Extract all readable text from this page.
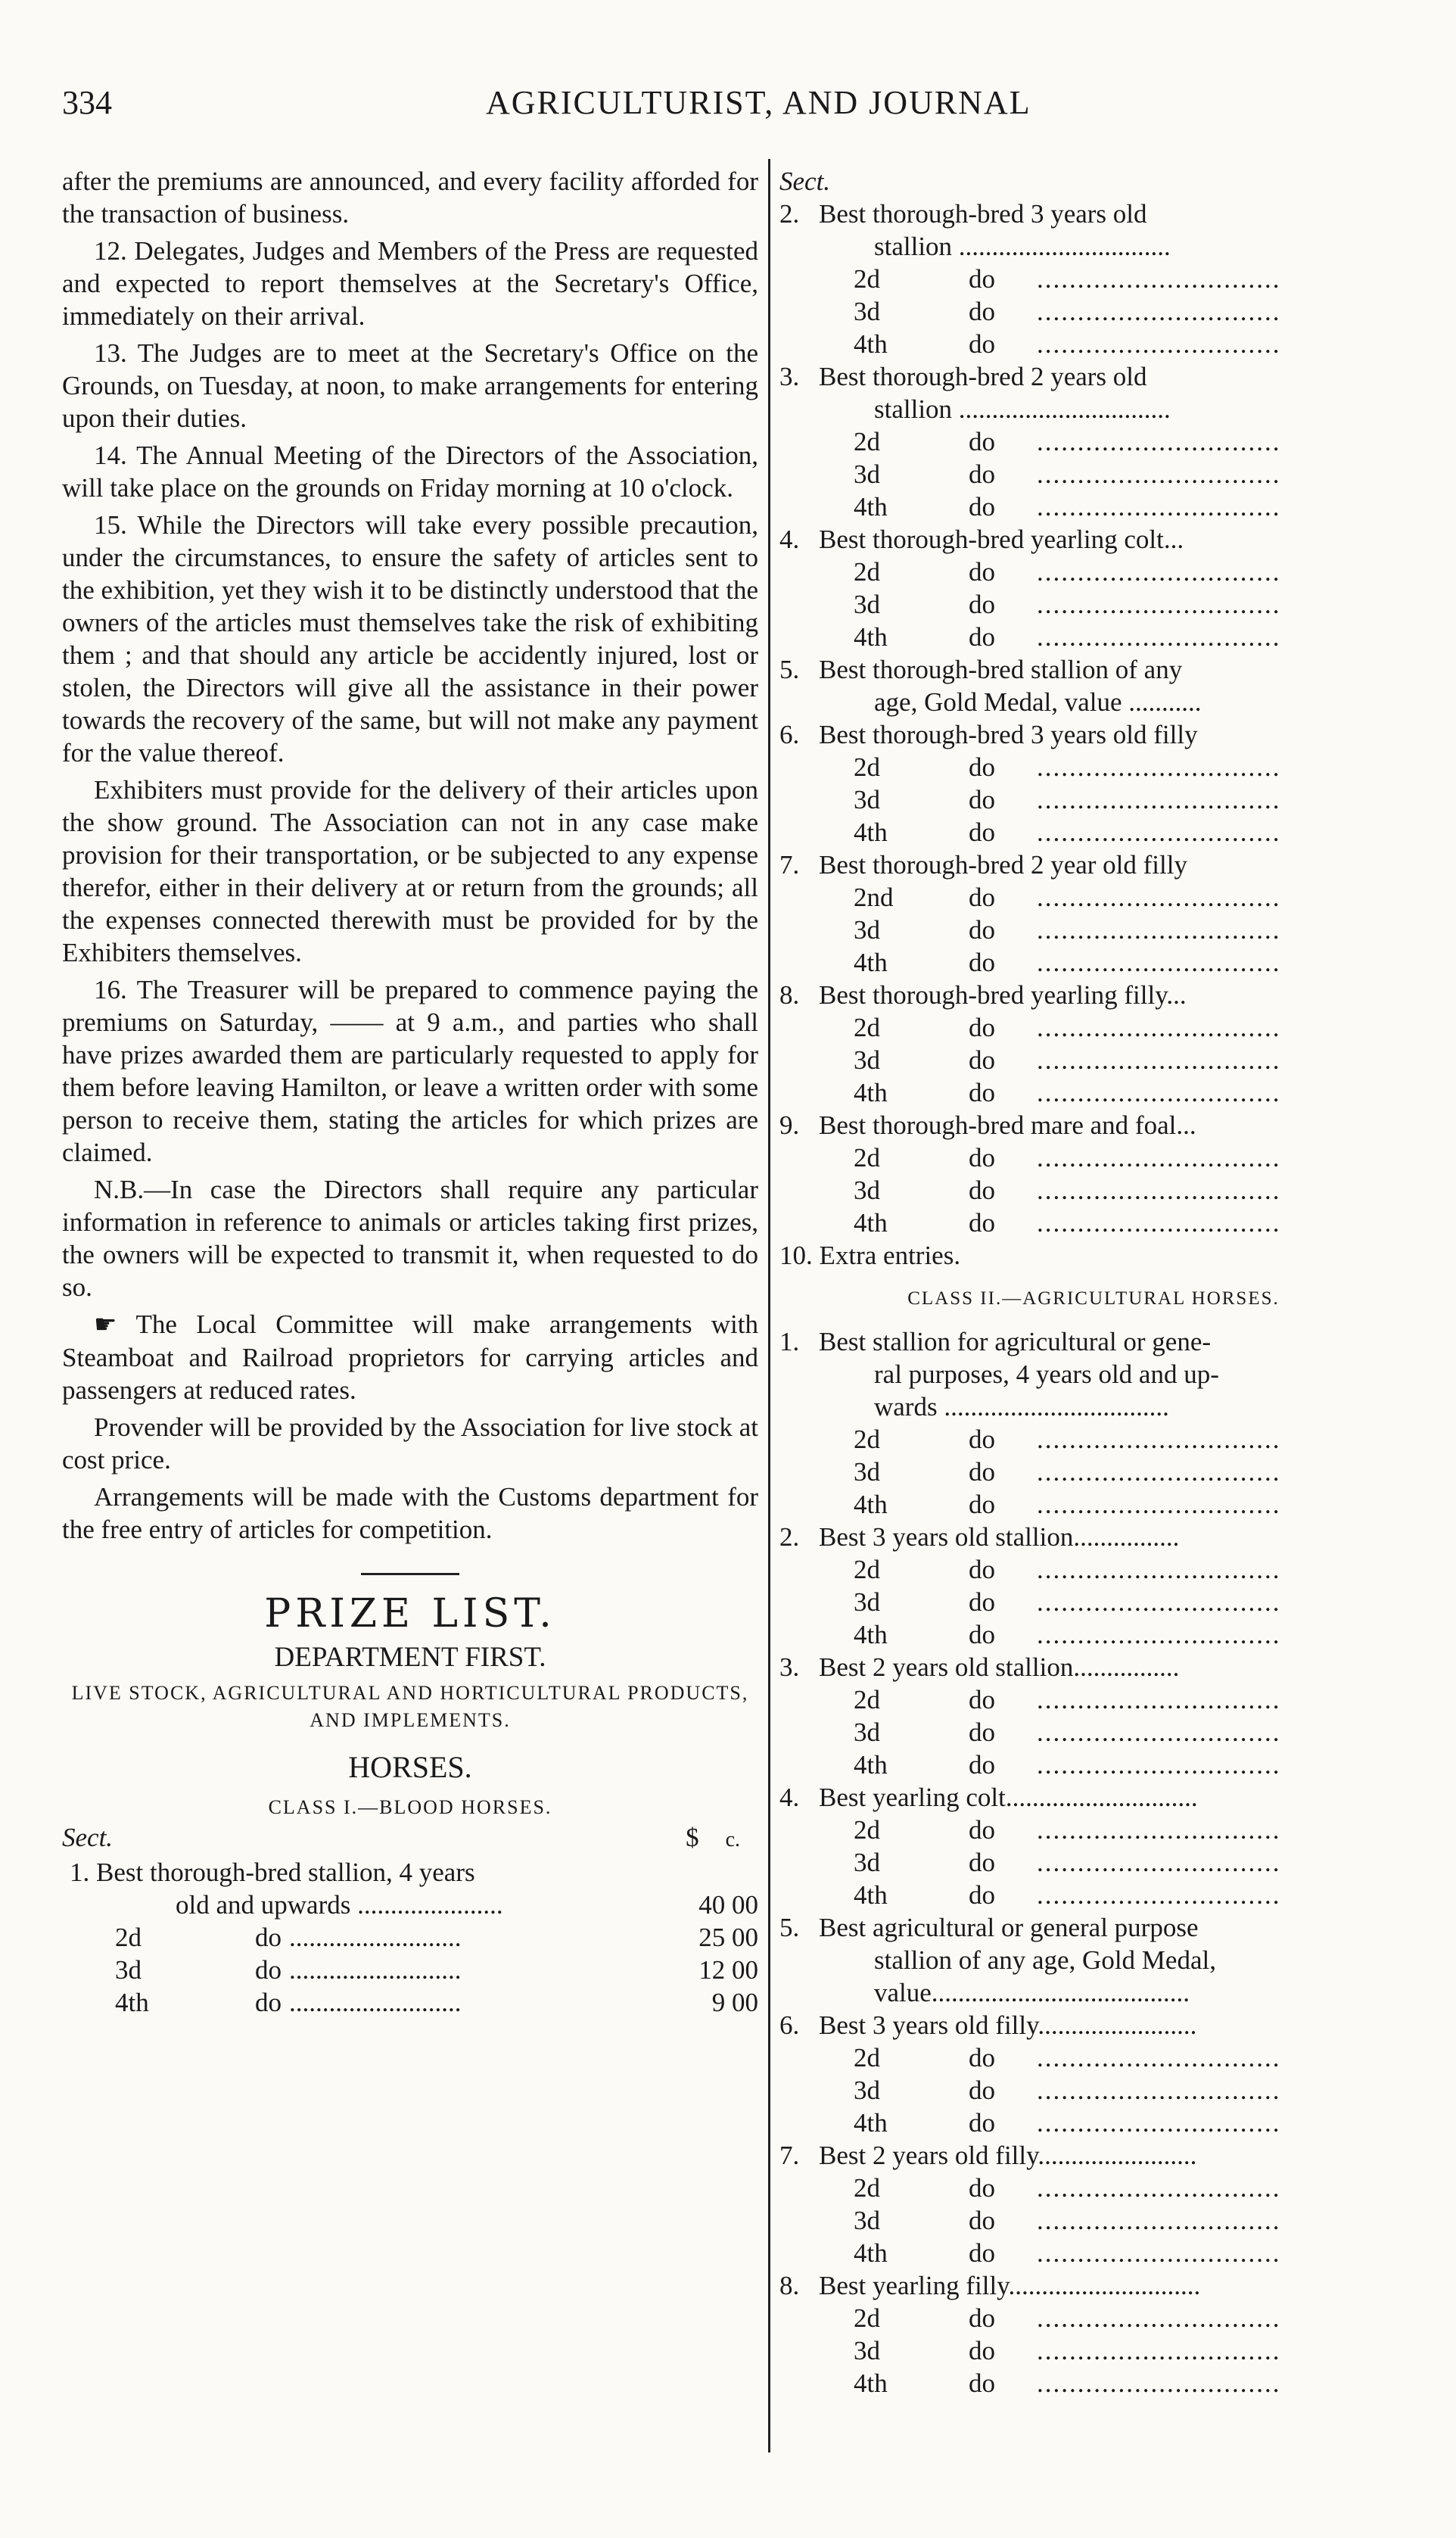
334	AGRICULTURIST, AND JOURNAL

after the premiums are announced, and every facility afforded for the transaction of business.

12. Delegates, Judges and Members of the Press are requested and expected to report themselves at the Secretary's Office, immediately on their arrival.

13. The Judges are to meet at the Secretary's Office on the Grounds, on Tuesday, at noon, to make arrangements for entering upon their duties.

14. The Annual Meeting of the Directors of the Association, will take place on the grounds on Friday morning at 10 o'clock.

15. While the Directors will take every possible precaution, under the circumstances, to ensure the safety of articles sent to the exhibition, yet they wish it to be distinctly understood that the owners of the articles must themselves take the risk of exhibiting them ; and that should any article be accidently injured, lost or stolen, the Directors will give all the assistance in their power towards the recovery of the same, but will not make any payment for the value thereof.

Exhibiters must provide for the delivery of their articles upon the show ground. The Association can not in any case make provision for their transportation, or be subjected to any expense therefor, either in their delivery at or return from the grounds; all the expenses connected therewith must be provided for by the Exhibiters themselves.

16. The Treasurer will be prepared to commence paying the premiums on Saturday, —— at 9 a.m., and parties who shall have prizes awarded them are particularly requested to apply for them before leaving Hamilton, or leave a written order with some person to receive them, stating the articles for which prizes are claimed.

N.B.—In case the Directors shall require any particular information in reference to animals or articles taking first prizes, the owners will be expected to transmit it, when requested to do so.

☛ The Local Committee will make arrangements with Steamboat and Railroad proprietors for carrying articles and passengers at reduced rates.

Provender will be provided by the Association for live stock at cost price.

Arrangements will be made with the Customs department for the free entry of articles for competition.

PRIZE LIST.
DEPARTMENT FIRST.
LIVE STOCK, AGRICULTURAL AND HORTICULTURAL PRODUCTS, AND IMPLEMENTS.
HORSES.
CLASS I.—BLOOD HORSES.
Sect.	$ c.
1. Best thorough-bred stallion, 4 years
old and upwards ......................	40 00
2d	do ..........................	25 00
3d	do ..........................	12 00
4th	do ..........................	9 00
Sect.
2. Best thorough-bred 3 years old
stallion ................................
2d	do ..............................
3d	do ..............................
4th	do ..............................
3. Best thorough-bred 2 years old
stallion ................................
2d	do ..............................
3d	do ..............................
4th	do ..............................
4. Best thorough-bred yearling colt...
2d	do ..............................
3d	do ..............................
4th	do ..............................
5. Best thorough-bred stallion of any
age, Gold Medal, value ...........
6. Best thorough-bred 3 years old filly
2d	do ..............................
3d	do ..............................
4th	do ..............................
7. Best thorough-bred 2 year old filly
2nd	do ..............................
3d	do ..............................
4th	do ..............................
8. Best thorough-bred yearling filly...
2d	do ..............................
3d	do ..............................
4th	do ..............................
9. Best thorough-bred mare and foal...
2d	do ..............................
3d	do ..............................
4th	do ..............................
10. Extra entries.
CLASS II.—AGRICULTURAL HORSES.
1. Best stallion for agricultural or gene-
ral purposes, 4 years old and up-
wards ..................................
2d	do ..............................
3d	do ..............................
4th	do ..............................
2. Best 3 years old stallion................
2d	do ..............................
3d	do ..............................
4th	do ..............................
3. Best 2 years old stallion................
2d	do ..............................
3d	do ..............................
4th	do ..............................
4. Best yearling colt.............................
2d	do ..............................
3d	do ..............................
4th	do ..............................
5. Best agricultural or general purpose
stallion of any age, Gold Medal,
value.......................................
6. Best 3 years old filly........................
2d	do ..............................
3d	do ..............................
4th	do ..............................
7. Best 2 years old filly........................
2d	do ..............................
3d	do ..............................
4th	do ..............................
8. Best yearling filly.............................
2d	do ..............................
3d	do ..............................
4th	do ..............................
